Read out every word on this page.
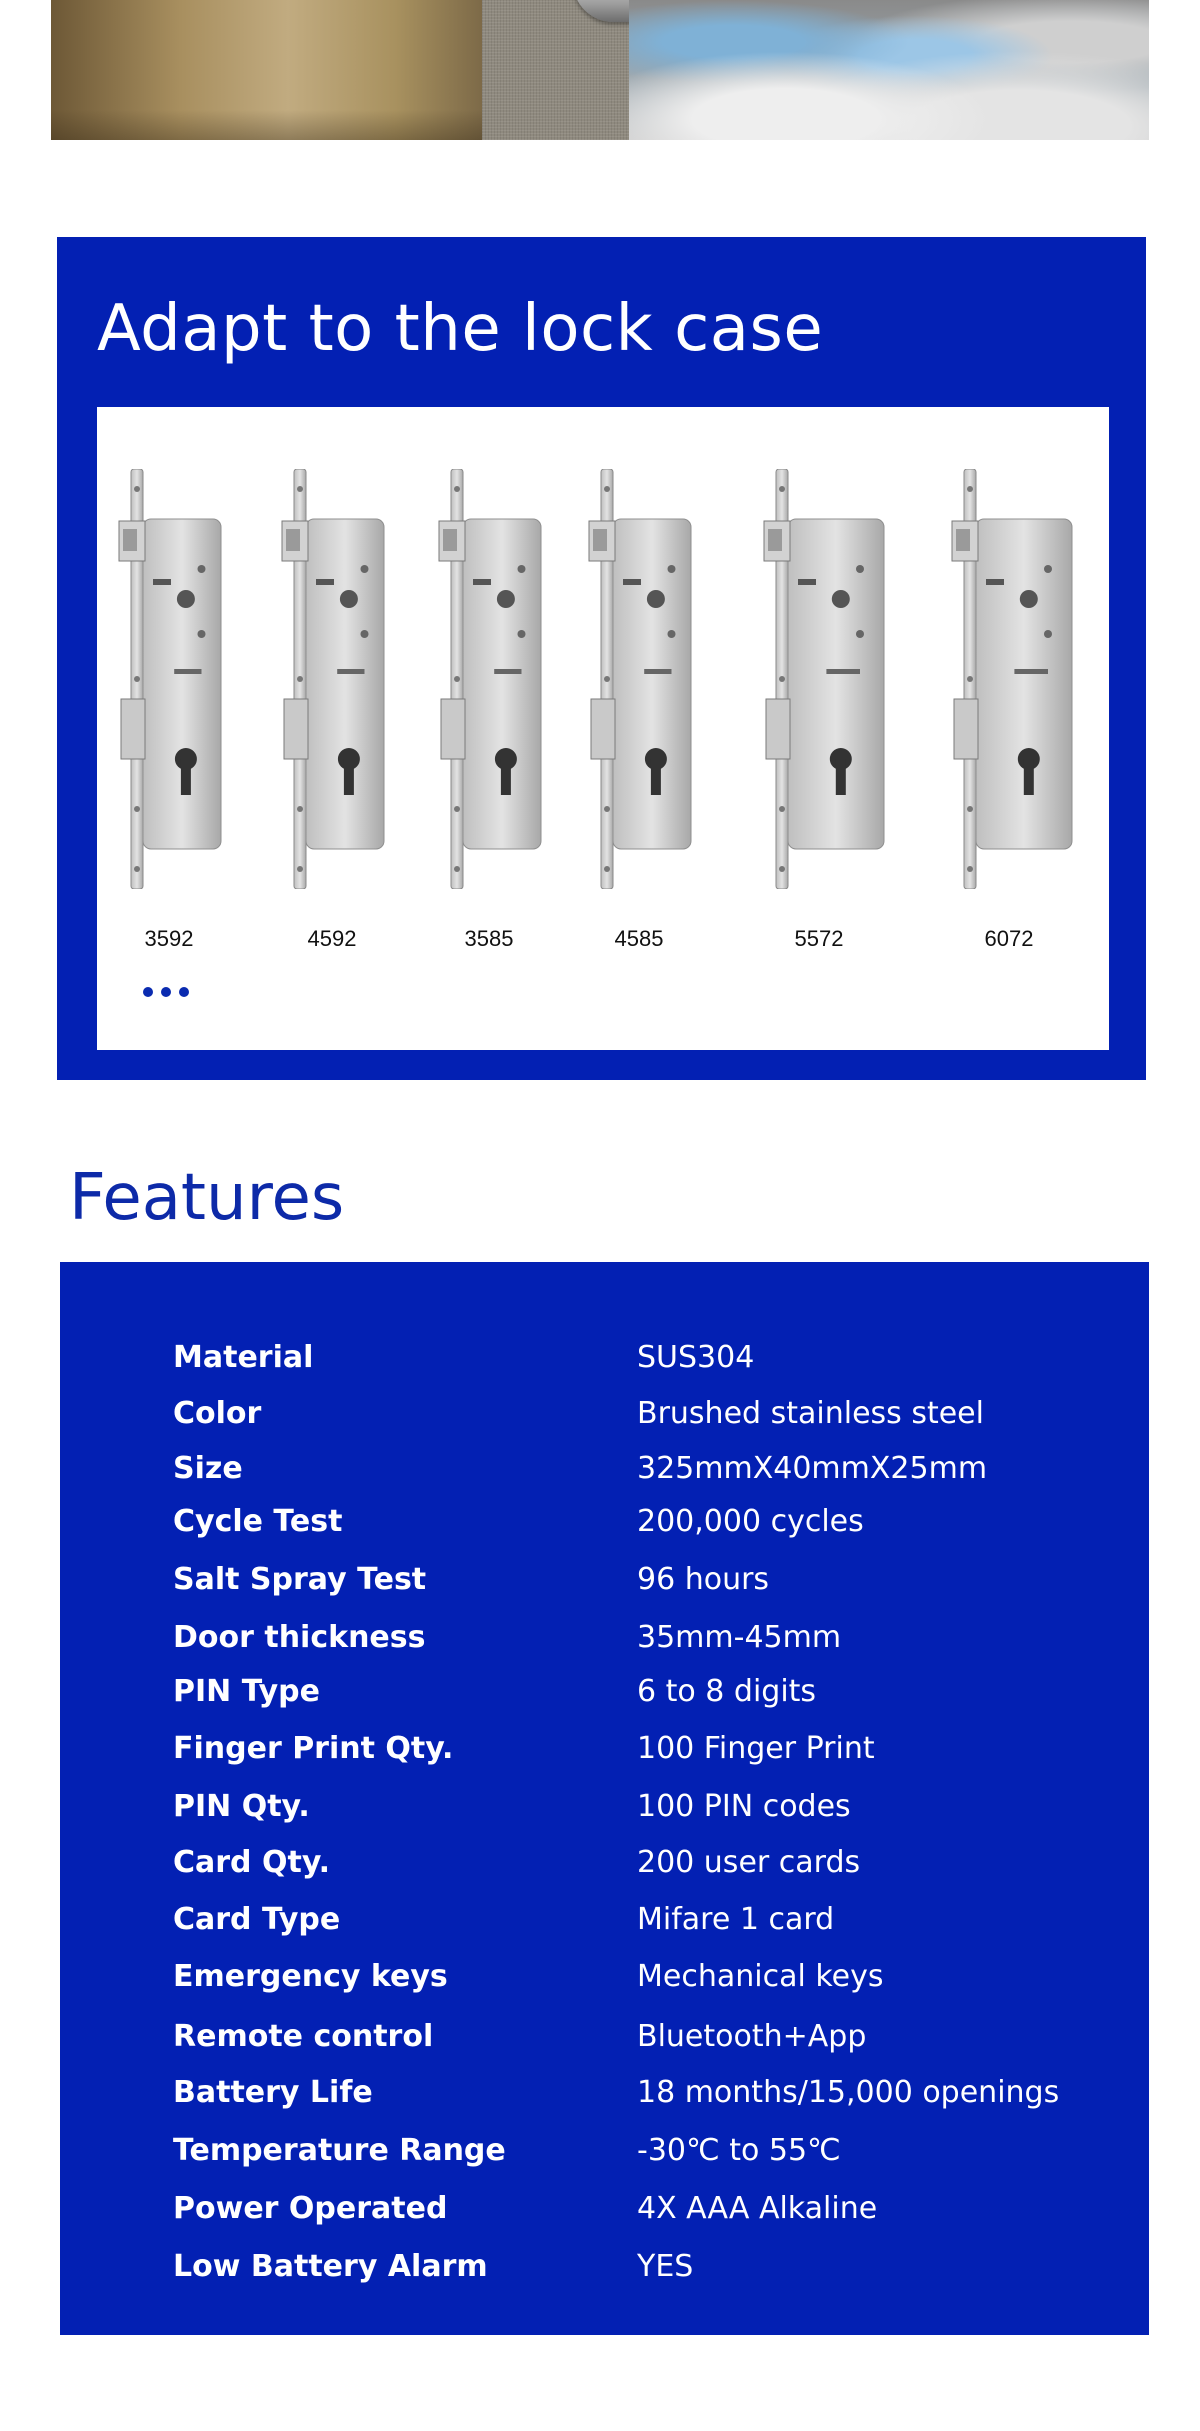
Adapt to the lock case
3592	4592	3585	4585	5572	6072
Features
Material	SUS304
Color	Brushed stainless steel
Size	325mmX40mmX25mm
Cycle Test	200,000 cycles
Salt Spray Test	96 hours
Door thickness	35mm-45mm
PIN Type	6 to 8 digits
Finger Print Qty.	100 Finger Print
PIN Qty.	100 PIN codes
Card Qty.	200 user cards
Card Type	Mifare 1 card
Emergency keys	Mechanical keys
Remote control	Bluetooth+App
Battery Life	18 months/15,000 openings
Temperature Range	-30℃ to 55℃
Power Operated	4X AAA Alkaline
Low Battery Alarm	YES
